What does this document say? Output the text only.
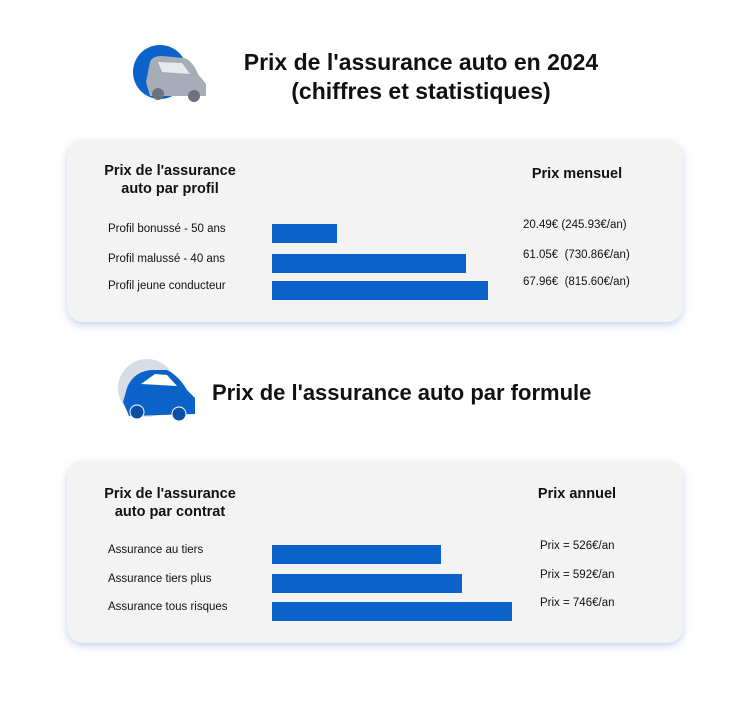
Prix de l'assurance auto en 2024
(chiffres et statistiques)
Prix de l'assurance auto par profil
Prix mensuel
Profil bonussé - 50 ans	20.49€ (245.93€/an)
Profil malussé - 40 ans	61.05€  (730.86€/an)
Profil jeune conducteur	67.96€  (815.60€/an)
Prix de l'assurance auto par formule
Prix de l'assurance auto par contrat
Prix annuel
Assurance au tiers	Prix = 526€/an
Assurance tiers plus	Prix = 592€/an
Assurance tous risques	Prix = 746€/an
